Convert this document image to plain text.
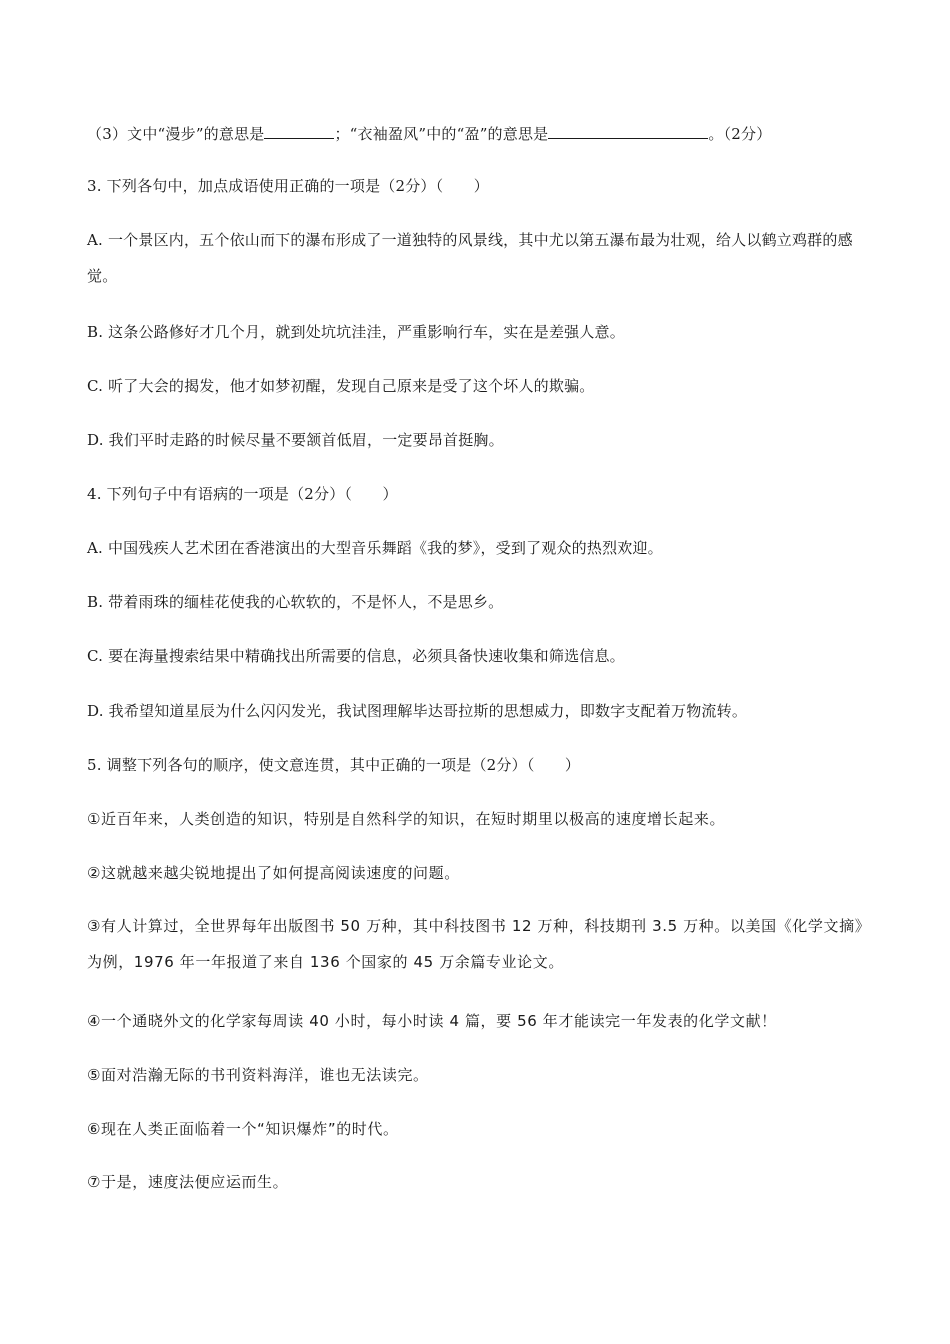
（3）文中“漫步”的意思是	；“衣袖盈风”中的“盈”的意思是	。（2分）
3. 下列各句中，加点成语使用正确的一项是（2分）（　　）
A. 一个景区内，五个依山而下的瀑布形成了一道独特的风景线，其中尤以第五瀑布最为壮观，给人以鹤立鸡群的感觉。
B. 这条公路修好才几个月，就到处坑坑洼洼，严重影响行车，实在是差强人意。
C. 听了大会的揭发，他才如梦初醒，发现自己原来是受了这个坏人的欺骗。
D. 我们平时走路的时候尽量不要颔首低眉，一定要昂首挺胸。
4. 下列句子中有语病的一项是（2分）（　　）
A. 中国残疾人艺术团在香港演出的大型音乐舞蹈《我的梦》，受到了观众的热烈欢迎。
B. 带着雨珠的缅桂花使我的心软软的，不是怀人，不是思乡。
C. 要在海量搜索结果中精确找出所需要的信息，必须具备快速收集和筛选信息。
D. 我希望知道星辰为什么闪闪发光，我试图理解毕达哥拉斯的思想威力，即数字支配着万物流转。
5. 调整下列各句的顺序，使文意连贯，其中正确的一项是（2分）（　　）
①近百年来，人类创造的知识，特别是自然科学的知识，在短时期里以极高的速度增长起来。
②这就越来越尖锐地提出了如何提高阅读速度的问题。
③有人计算过，全世界每年出版图书 50 万种，其中科技图书 12 万种，科技期刊 3.5 万种。以美国《化学文摘》为例，1976 年一年报道了来自 136 个国家的 45 万余篇专业论文。
④一个通晓外文的化学家每周读 40 小时，每小时读 4 篇，要 56 年才能读完一年发表的化学文献！
⑤面对浩瀚无际的书刊资料海洋，谁也无法读完。
⑥现在人类正面临着一个“知识爆炸”的时代。
⑦于是，速度法便应运而生。
